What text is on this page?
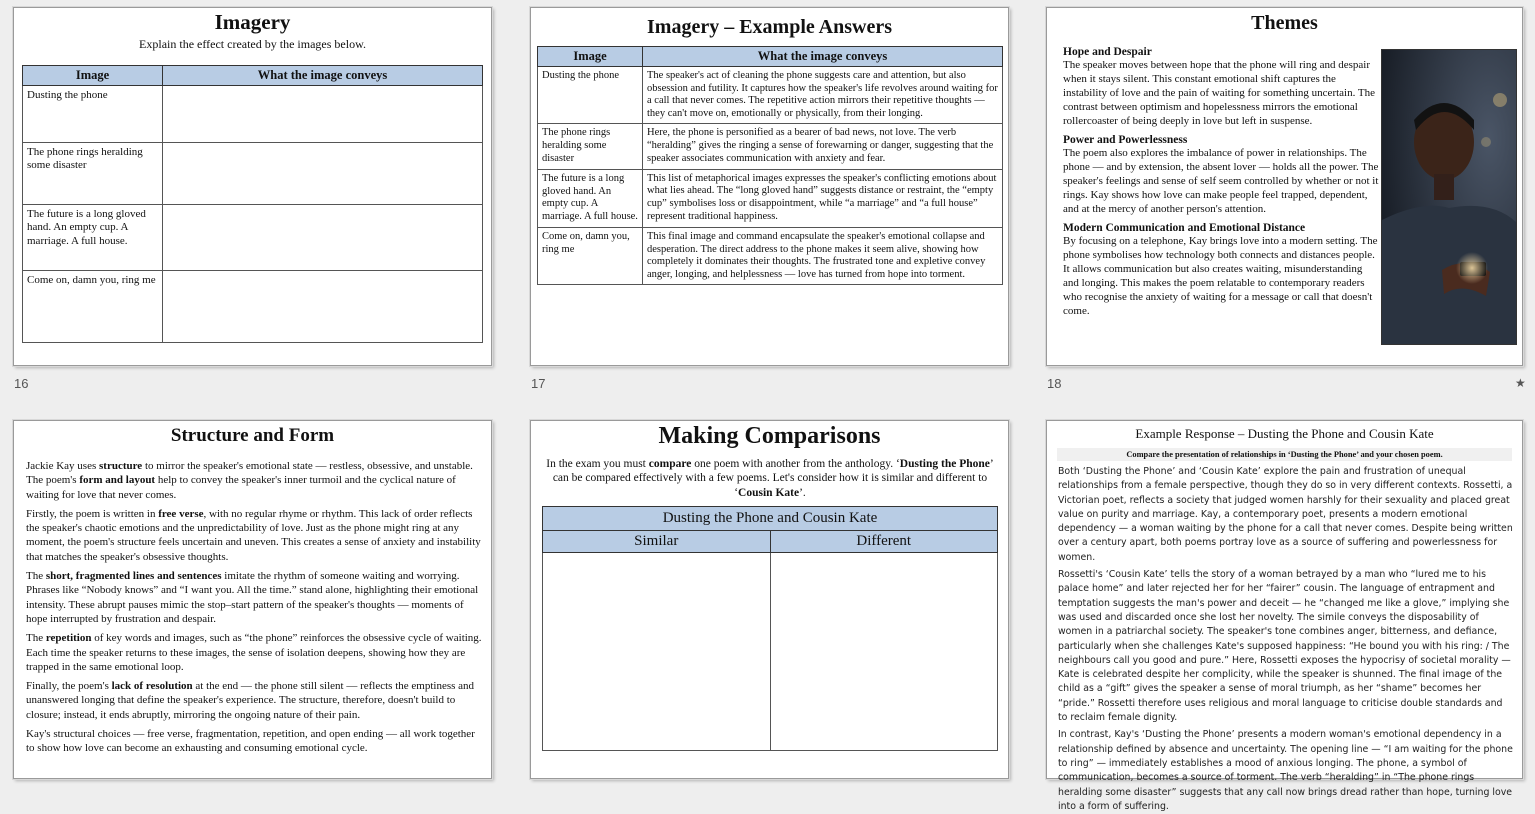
Imagery
Explain the effect created by the images below.
Image	What the image conveys
Dusting the phone	
The phone rings heralding some disaster	
The future is a long gloved hand. An empty cup. A marriage. A full house.	
Come on, damn you, ring me	
16
Imagery – Example Answers
Image	What the image conveys
Dusting the phone	The speaker's act of cleaning the phone suggests care and attention, but also obsession and futility. It captures how the speaker's life revolves around waiting for a call that never comes. The repetitive action mirrors their repetitive thoughts — they can't move on, emotionally or physically, from their longing.
The phone rings heralding some disaster	Here, the phone is personified as a bearer of bad news, not love. The verb “heralding” gives the ringing a sense of forewarning or danger, suggesting that the speaker associates communication with anxiety and fear.
The future is a long gloved hand. An empty cup. A marriage. A full house.	This list of metaphorical images expresses the speaker's conflicting emotions about what lies ahead. The “long gloved hand” suggests distance or restraint, the “empty cup” symbolises loss or disappointment, while “a marriage” and “a full house” represent traditional happiness.
Come on, damn you, ring me	This final image and command encapsulate the speaker's emotional collapse and desperation. The direct address to the phone makes it seem alive, showing how completely it dominates their thoughts. The frustrated tone and expletive convey anger, longing, and helplessness — love has turned from hope into torment.
17
Themes
Hope and Despair
The speaker moves between hope that the phone will ring and despair when it stays silent. This constant emotional shift captures the instability of love and the pain of waiting for something uncertain. The contrast between optimism and hopelessness mirrors the emotional rollercoaster of being deeply in love but left in suspense.
Power and Powerlessness
The poem also explores the imbalance of power in relationships. The phone — and by extension, the absent lover — holds all the power. The speaker's feelings and sense of self seem controlled by whether or not it rings. Kay shows how love can make people feel trapped, dependent, and at the mercy of another person's attention.
Modern Communication and Emotional Distance
By focusing on a telephone, Kay brings love into a modern setting. The phone symbolises how technology both connects and distances people. It allows communication but also creates waiting, misunderstanding and longing. This makes the poem relatable to contemporary readers who recognise the anxiety of waiting for a message or call that doesn't come.
18	★
Structure and Form

Jackie Kay uses structure to mirror the speaker's emotional state — restless, obsessive, and unstable. The poem's form and layout help to convey the speaker's inner turmoil and the cyclical nature of waiting for love that never comes.

Firstly, the poem is written in free verse, with no regular rhyme or rhythm. This lack of order reflects the speaker's chaotic emotions and the unpredictability of love. Just as the phone might ring at any moment, the poem's structure feels uncertain and uneven. This creates a sense of anxiety and instability that matches the speaker's obsessive thoughts.

The short, fragmented lines and sentences imitate the rhythm of someone waiting and worrying. Phrases like “Nobody knows” and “I want you. All the time.” stand alone, highlighting their emotional intensity. These abrupt pauses mimic the stop–start pattern of the speaker's thoughts — moments of hope interrupted by frustration and despair.

The repetition of key words and images, such as “the phone” reinforces the obsessive cycle of waiting. Each time the speaker returns to these images, the sense of isolation deepens, showing how they are trapped in the same emotional loop.

Finally, the poem's lack of resolution at the end — the phone still silent — reflects the emptiness and unanswered longing that define the speaker's experience. The structure, therefore, doesn't build to closure; instead, it ends abruptly, mirroring the ongoing nature of their pain.

Kay's structural choices — free verse, fragmentation, repetition, and open ending — all work together to show how love can become an exhausting and consuming emotional cycle.

Making Comparisons
In the exam you must compare one poem with another from the anthology. ‘Dusting the Phone’ can be compared effectively with a few poems. Let's consider how it is similar and different to ‘Cousin Kate’.
Dusting the Phone and Cousin Kate	
Similar	Different

Example Response – Dusting the Phone and Cousin Kate
Compare the presentation of relationships in ‘Dusting the Phone’ and your chosen poem.

Both ‘Dusting the Phone’ and ‘Cousin Kate’ explore the pain and frustration of unequal relationships from a female perspective, though they do so in very different contexts. Rossetti, a Victorian poet, reflects a society that judged women harshly for their sexuality and placed great value on purity and marriage. Kay, a contemporary poet, presents a modern emotional dependency — a woman waiting by the phone for a call that never comes. Despite being written over a century apart, both poems portray love as a source of suffering and powerlessness for women.

Rossetti's ‘Cousin Kate’ tells the story of a woman betrayed by a man who “lured me to his palace home” and later rejected her for her “fairer” cousin. The language of entrapment and temptation suggests the man's power and deceit — he “changed me like a glove,” implying she was used and discarded once she lost her novelty. The simile conveys the disposability of women in a patriarchal society. The speaker's tone combines anger, bitterness, and defiance, particularly when she challenges Kate's supposed happiness: “He bound you with his ring: / The neighbours call you good and pure.” Here, Rossetti exposes the hypocrisy of societal morality — Kate is celebrated despite her complicity, while the speaker is shunned. The final image of the child as a “gift” gives the speaker a sense of moral triumph, as her “shame” becomes her “pride.” Rossetti therefore uses religious and moral language to criticise double standards and to reclaim female dignity.

In contrast, Kay's ‘Dusting the Phone’ presents a modern woman's emotional dependency in a relationship defined by absence and uncertainty. The opening line — “I am waiting for the phone to ring” — immediately establishes a mood of anxious longing. The phone, a symbol of communication, becomes a source of torment. The verb “heralding” in “The phone rings heralding some disaster” suggests that any call now brings dread rather than hope, turning love into a form of suffering.
